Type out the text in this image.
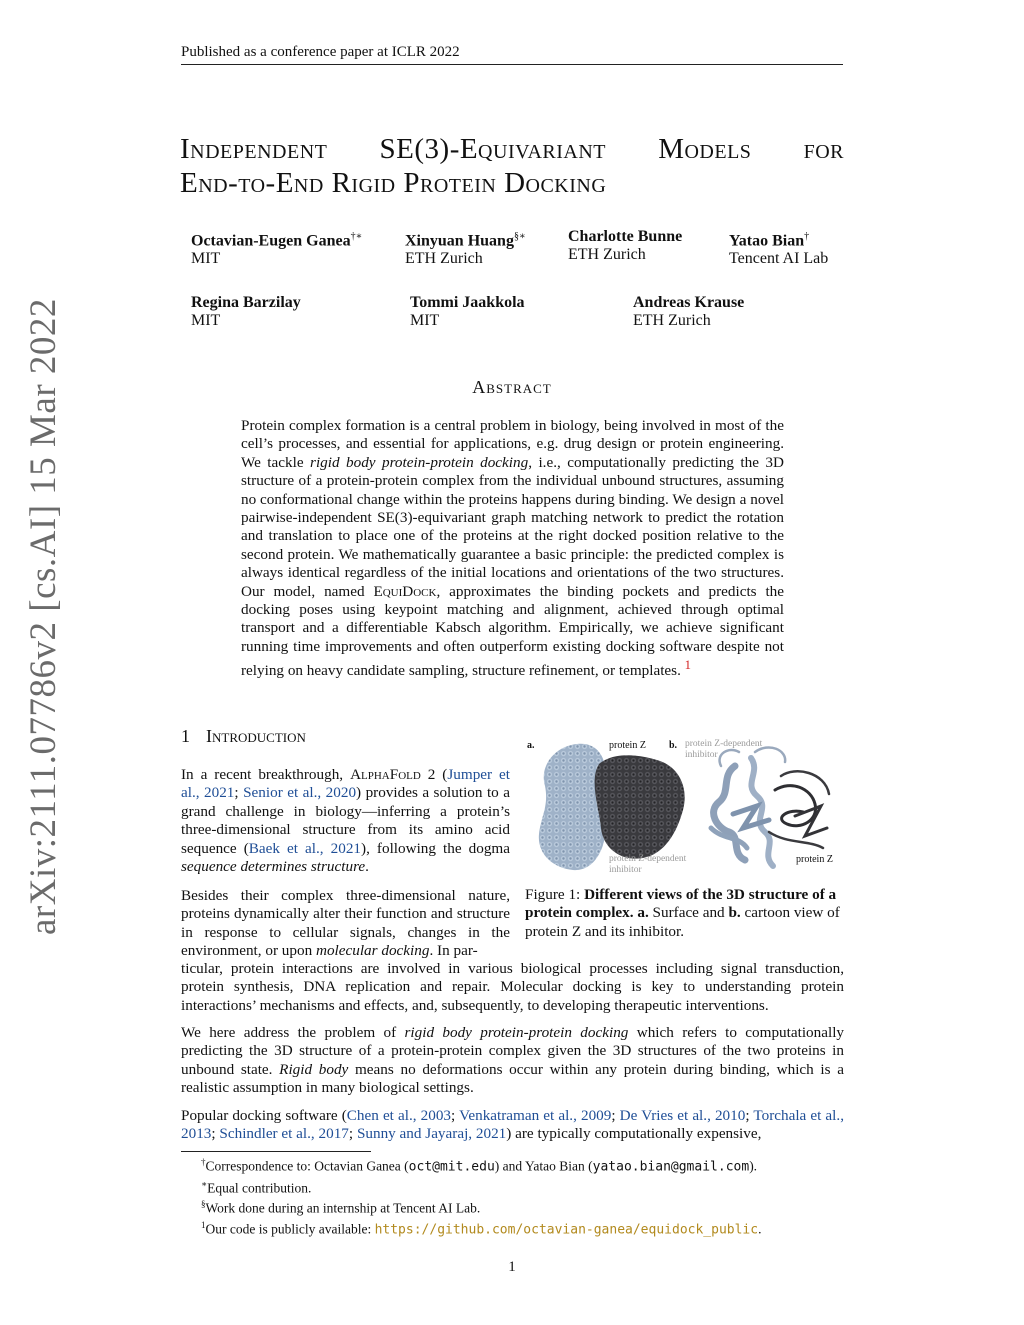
Published as a conference paper at ICLR 2022
Independent SE(3)-Equivariant Models for
End-to-End Rigid Protein Docking
Octavian-Eugen Ganea†∗
MIT
Xinyuan Huang§∗
ETH Zurich
Charlotte Bunne
ETH Zurich
Yatao Bian†
Tencent AI Lab
Regina Barzilay
MIT
Tommi Jaakkola
MIT
Andreas Krause
ETH Zurich
arXiv:2111.07786v2 [cs.AI] 15 Mar 2022	Abstract
Protein complex formation is a central problem in biology, being involved in most of the cell’s processes, and essential for applications, e.g. drug design or protein engineering. We tackle rigid body protein-protein docking, i.e., computationally predicting the 3D structure of a protein-protein complex from the individual unbound structures, assuming no conformational change within the proteins happens during binding. We design a novel pairwise-independent SE(3)-equivariant graph matching network to predict the rotation and translation to place one of the proteins at the right docked position relative to the second protein. We mathematically guarantee a basic principle: the predicted complex is always identical regardless of the initial locations and orientations of the two structures. Our model, named EquiDock, approximates the binding pockets and predicts the docking poses using keypoint matching and alignment, achieved through optimal transport and a differentiable Kabsch algorithm. Empirically, we achieve significant running time improvements and often outperform existing docking software despite not relying on heavy candidate sampling, structure refinement, or templates. $^1$
1 Introduction
In a recent breakthrough, AlphaFold 2 (Jumper et al., 2021; Senior et al., 2020) provides a solution to a grand challenge in biology—inferring a protein’s three-dimensional structure from its amino acid sequence (Baek et al., 2021), following the dogma sequence determines structure.
Besides their complex three-dimensional nature, proteins dynamically alter their function and structure in response to cellular signals, changes in the environment, or upon molecular docking. In par-
ticular, protein interactions are involved in various biological processes including signal transduction, protein synthesis, DNA replication and repair. Molecular docking is key to understanding protein interactions’ mechanisms and effects, and, subsequently, to developing therapeutic interventions.
We here address the problem of rigid body protein-protein docking which refers to computationally predicting the 3D structure of a protein-protein complex given the 3D structures of the two proteins in unbound state. Rigid body means no deformations occur within any protein during binding, which is a realistic assumption in many biological settings.
Popular docking software (Chen et al., 2003; Venkatraman et al., 2009; De Vries et al., 2010; Torchala et al., 2013; Schindler et al., 2017; Sunny and Jayaraj, 2021) are typically computationally expensive,
a.	protein Z
protein Z-dependent inhibitor
b. protein Z-dependent inhibitor
protein Z
Figure 1: Different views of the 3D structure of a protein complex. a. Surface and b. cartoon view of protein Z and its inhibitor.
†Correspondence to: Octavian Ganea (oct@mit.edu) and Yatao Bian (yatao.bian@gmail.com).
∗Equal contribution.
§Work done during an internship at Tencent AI Lab.
$^1$Our code is publicly available: https://github.com/octavian-ganea/equidock_public.
1
